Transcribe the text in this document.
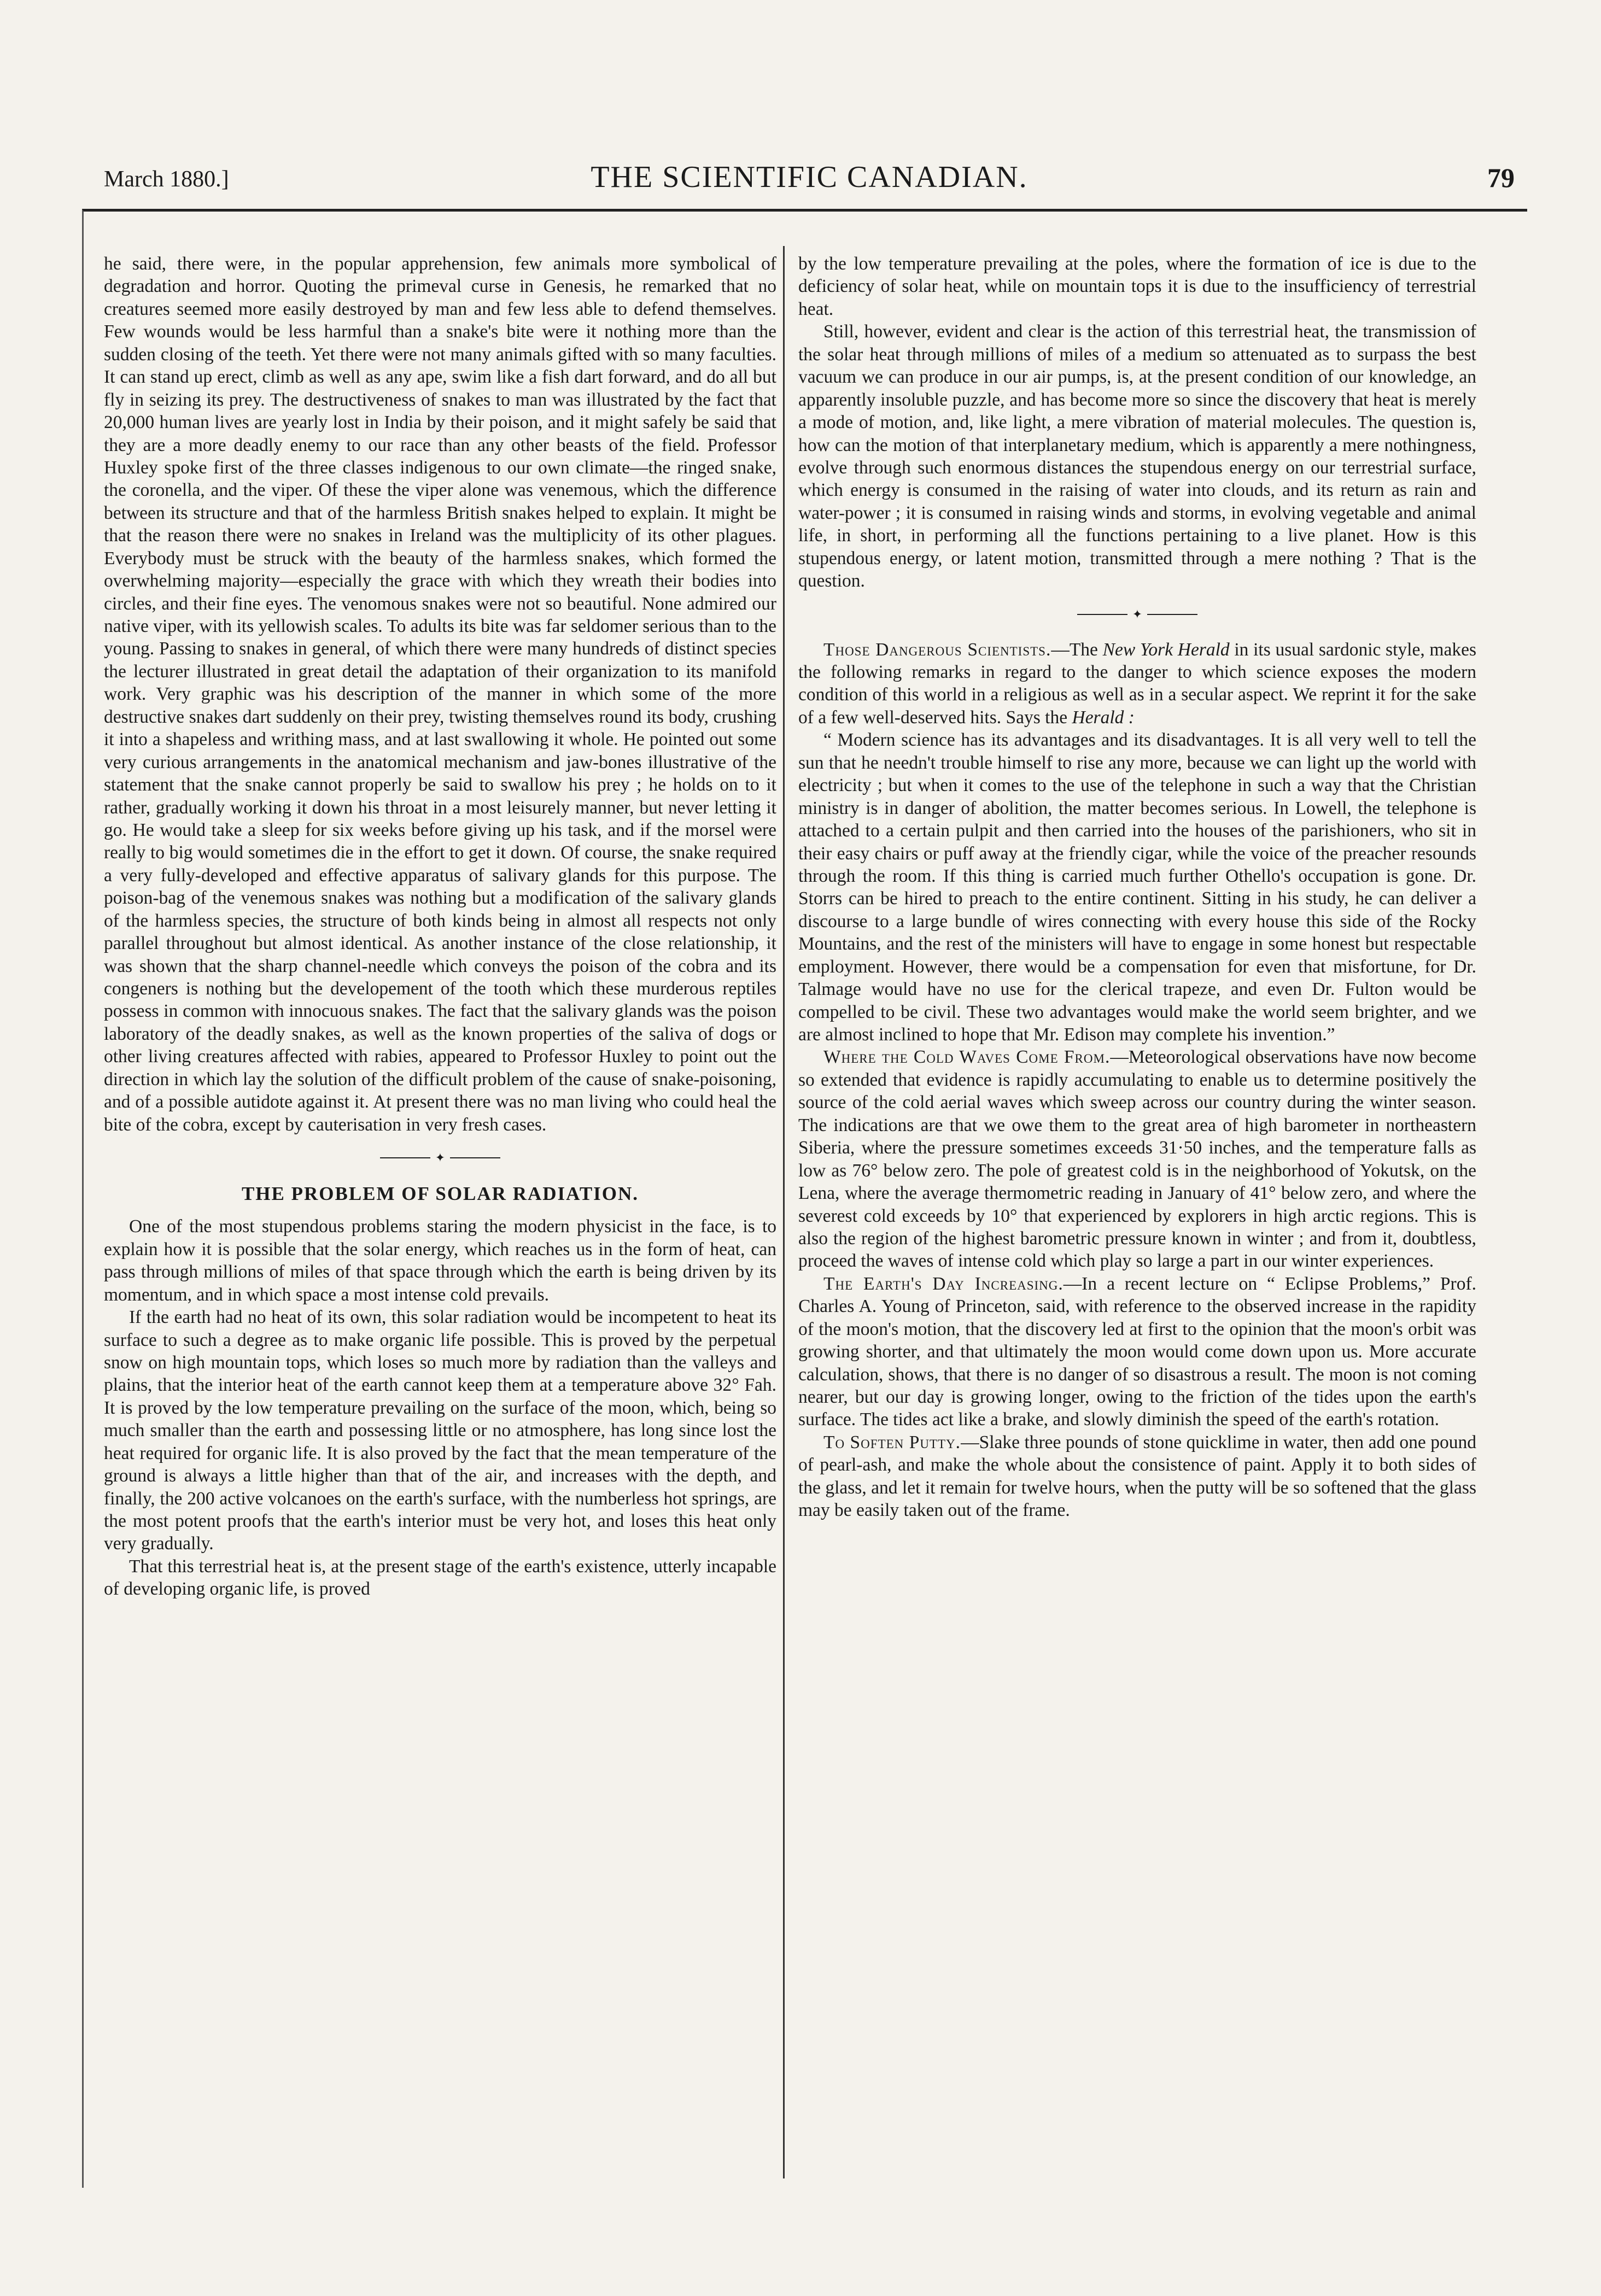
March 1880.]	THE SCIENTIFIC CANADIAN.	79

he said, there were, in the popular apprehension, few animals more symbolical of degradation and horror. Quoting the primeval curse in Genesis, he remarked that no creatures seemed more easily destroyed by man and few less able to defend themselves. Few wounds would be less harmful than a snake's bite were it nothing more than the sudden closing of the teeth. Yet there were not many animals gifted with so many faculties. It can stand up erect, climb as well as any ape, swim like a fish dart forward, and do all but fly in seizing its prey. The destructiveness of snakes to man was illustrated by the fact that 20,000 human lives are yearly lost in India by their poison, and it might safely be said that they are a more deadly enemy to our race than any other beasts of the field. Professor Huxley spoke first of the three classes indigenous to our own climate—the ringed snake, the coronella, and the viper. Of these the viper alone was venemous, which the difference between its structure and that of the harmless British snakes helped to explain. It might be that the reason there were no snakes in Ireland was the multiplicity of its other plagues. Everybody must be struck with the beauty of the harmless snakes, which formed the overwhelming majority—especially the grace with which they wreath their bodies into circles, and their fine eyes. The venomous snakes were not so beautiful. None admired our native viper, with its yellowish scales. To adults its bite was far seldomer serious than to the young. Passing to snakes in general, of which there were many hundreds of distinct species the lecturer illustrated in great detail the adaptation of their organization to its manifold work. Very graphic was his description of the manner in which some of the more destructive snakes dart suddenly on their prey, twisting themselves round its body, crushing it into a shapeless and writhing mass, and at last swallowing it whole. He pointed out some very curious arrangements in the anatomical mechanism and jaw-bones illustrative of the statement that the snake cannot properly be said to swallow his prey ; he holds on to it rather, gradually working it down his throat in a most leisurely manner, but never letting it go. He would take a sleep for six weeks before giving up his task, and if the morsel were really to big would sometimes die in the effort to get it down. Of course, the snake required a very fully-developed and effective apparatus of salivary glands for this purpose. The poison-bag of the venemous snakes was nothing but a modification of the salivary glands of the harmless species, the structure of both kinds being in almost all respects not only parallel throughout but almost identical. As another instance of the close relationship, it was shown that the sharp channel-needle which conveys the poison of the cobra and its congeners is nothing but the developement of the tooth which these murderous reptiles possess in common with innocuous snakes. The fact that the salivary glands was the poison laboratory of the deadly snakes, as well as the known properties of the saliva of dogs or other living creatures affected with rabies, appeared to Professor Huxley to point out the direction in which lay the solution of the difficult problem of the cause of snake-poisoning, and of a possible autidote against it. At present there was no man living who could heal the bite of the cobra, except by cauterisation in very fresh cases.

✦
THE PROBLEM OF SOLAR RADIATION.

One of the most stupendous problems staring the modern physicist in the face, is to explain how it is possible that the solar energy, which reaches us in the form of heat, can pass through millions of miles of that space through which the earth is being driven by its momentum, and in which space a most intense cold prevails.

If the earth had no heat of its own, this solar radiation would be incompetent to heat its surface to such a degree as to make organic life possible. This is proved by the perpetual snow on high mountain tops, which loses so much more by radiation than the valleys and plains, that the interior heat of the earth cannot keep them at a temperature above 32° Fah. It is proved by the low temperature prevailing on the surface of the moon, which, being so much smaller than the earth and possessing little or no atmosphere, has long since lost the heat required for organic life. It is also proved by the fact that the mean temperature of the ground is always a little higher than that of the air, and increases with the depth, and finally, the 200 active volcanoes on the earth's surface, with the numberless hot springs, are the most potent proofs that the earth's interior must be very hot, and loses this heat only very gradually.

That this terrestrial heat is, at the present stage of the earth's existence, utterly incapable of developing organic life, is proved

by the low temperature prevailing at the poles, where the formation of ice is due to the deficiency of solar heat, while on mountain tops it is due to the insufficiency of terrestrial heat.

Still, however, evident and clear is the action of this terrestrial heat, the transmission of the solar heat through millions of miles of a medium so attenuated as to surpass the best vacuum we can produce in our air pumps, is, at the present condition of our knowledge, an apparently insoluble puzzle, and has become more so since the discovery that heat is merely a mode of motion, and, like light, a mere vibration of material molecules. The question is, how can the motion of that interplanetary medium, which is apparently a mere nothingness, evolve through such enormous distances the stupendous energy on our terrestrial surface, which energy is consumed in the raising of water into clouds, and its return as rain and water-power ; it is consumed in raising winds and storms, in evolving vegetable and animal life, in short, in performing all the functions pertaining to a live planet. How is this stupendous energy, or latent motion, transmitted through a mere nothing ? That is the question.

✦

Those Dangerous Scientists.—The New York Herald in its usual sardonic style, makes the following remarks in regard to the danger to which science exposes the modern condition of this world in a religious as well as in a secular aspect. We reprint it for the sake of a few well-deserved hits. Says the Herald :

“ Modern science has its advantages and its disadvantages. It is all very well to tell the sun that he needn't trouble himself to rise any more, because we can light up the world with electricity ; but when it comes to the use of the telephone in such a way that the Christian ministry is in danger of abolition, the matter becomes serious. In Lowell, the telephone is attached to a certain pulpit and then carried into the houses of the parishioners, who sit in their easy chairs or puff away at the friendly cigar, while the voice of the preacher resounds through the room. If this thing is carried much further Othello's occupation is gone. Dr. Storrs can be hired to preach to the entire continent. Sitting in his study, he can deliver a discourse to a large bundle of wires connecting with every house this side of the Rocky Mountains, and the rest of the ministers will have to engage in some honest but respectable employment. However, there would be a compensation for even that misfortune, for Dr. Talmage would have no use for the clerical trapeze, and even Dr. Fulton would be compelled to be civil. These two advantages would make the world seem brighter, and we are almost inclined to hope that Mr. Edison may complete his invention.”

Where the Cold Waves Come From.—Meteorological observations have now become so extended that evidence is rapidly accumulating to enable us to determine positively the source of the cold aerial waves which sweep across our country during the winter season. The indications are that we owe them to the great area of high barometer in northeastern Siberia, where the pressure sometimes exceeds 31·50 inches, and the temperature falls as low as 76° below zero. The pole of greatest cold is in the neighborhood of Yokutsk, on the Lena, where the average thermometric reading in January of 41° below zero, and where the severest cold exceeds by 10° that experienced by explorers in high arctic regions. This is also the region of the highest barometric pressure known in winter ; and from it, doubtless, proceed the waves of intense cold which play so large a part in our winter experiences.

The Earth's Day Increasing.—In a recent lecture on “ Eclipse Problems,” Prof. Charles A. Young of Princeton, said, with reference to the observed increase in the rapidity of the moon's motion, that the discovery led at first to the opinion that the moon's orbit was growing shorter, and that ultimately the moon would come down upon us. More accurate calculation, shows, that there is no danger of so disastrous a result. The moon is not coming nearer, but our day is growing longer, owing to the friction of the tides upon the earth's surface. The tides act like a brake, and slowly diminish the speed of the earth's rotation.

To Soften Putty.—Slake three pounds of stone quicklime in water, then add one pound of pearl-ash, and make the whole about the consistence of paint. Apply it to both sides of the glass, and let it remain for twelve hours, when the putty will be so softened that the glass may be easily taken out of the frame.
